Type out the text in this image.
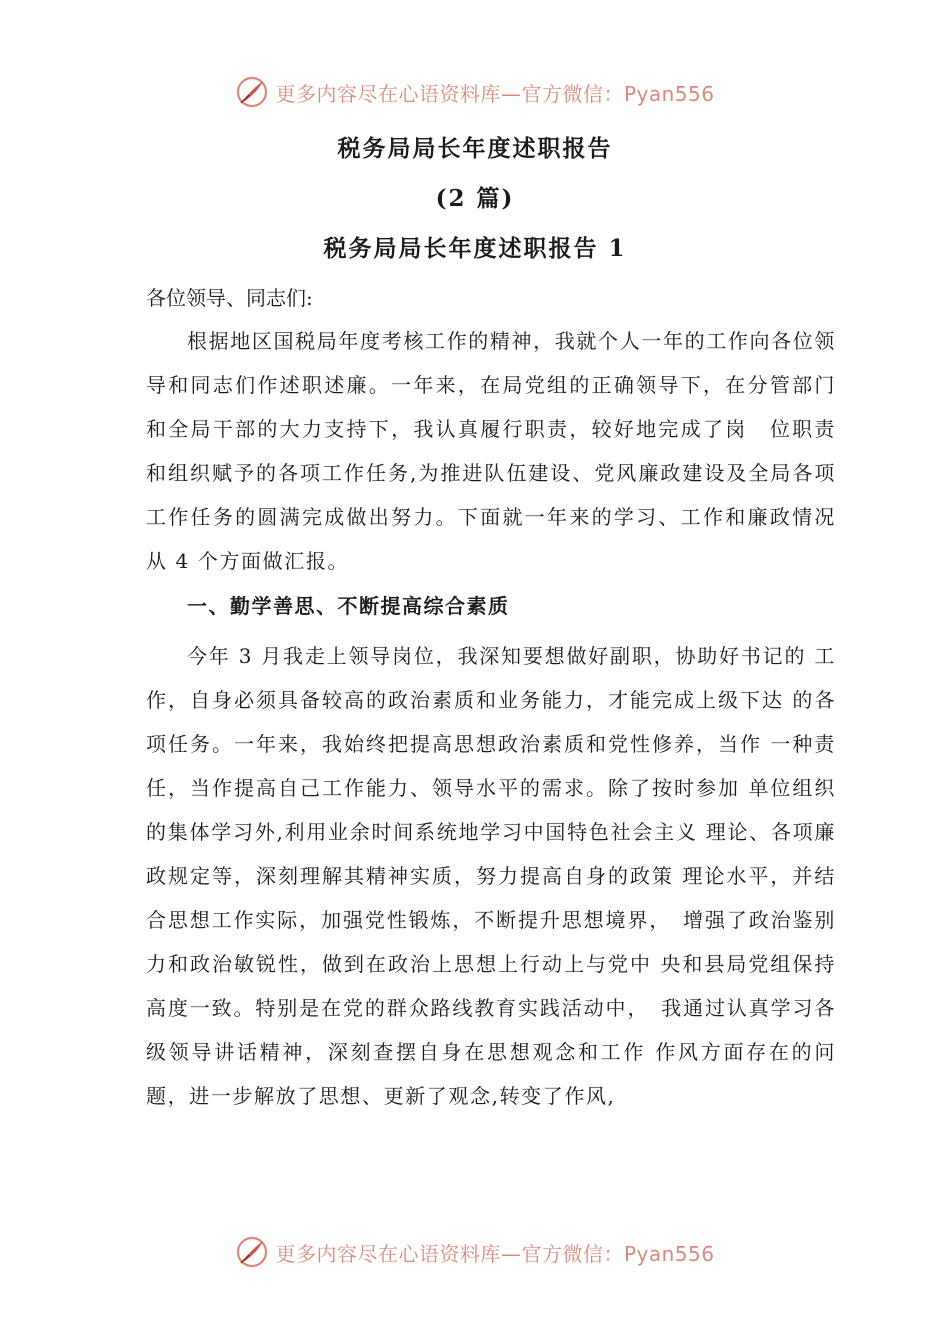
更多内容尽在心语资料库—官方微信：Pyan556
税务局局长年度述职报告
(2 篇)
税务局局长年度述职报告 1
各位领导、同志们:

根据地区国税局年度考核工作的精神，我就个人一年的工作向各位领导和同志们作述职述廉。一年来，在局党组的正确领导下，在分管部门和全局干部的大力支持下，我认真履行职责，较好地完成了岗　位职责和组织赋予的各项工作任务,为推进队伍建设、党风廉政建设及全局各项工作任务的圆满完成做出努力。下面就一年来的学习、工作和廉政情况从 4 个方面做汇报。

一、勤学善思、不断提高综合素质

今年 3 月我走上领导岗位，我深知要想做好副职，协助好书记的 工作，自身必须具备较高的政治素质和业务能力，才能完成上级下达 的各项任务。一年来，我始终把提高思想政治素质和党性修养，当作 一种责任，当作提高自己工作能力、领导水平的需求。除了按时参加 单位组织的集体学习外,利用业余时间系统地学习中国特色社会主义 理论、各项廉政规定等，深刻理解其精神实质，努力提高自身的政策 理论水平，并结合思想工作实际，加强党性锻炼，不断提升思想境界，　增强了政治鉴别力和政治敏锐性，做到在政治上思想上行动上与党中 央和县局党组保持高度一致。特别是在党的群众路线教育实践活动中，　我通过认真学习各级领导讲话精神，深刻查摆自身在思想观念和工作 作风方面存在的问题，进一步解放了思想、更新了观念,转变了作风,

更多内容尽在心语资料库—官方微信：Pyan556
